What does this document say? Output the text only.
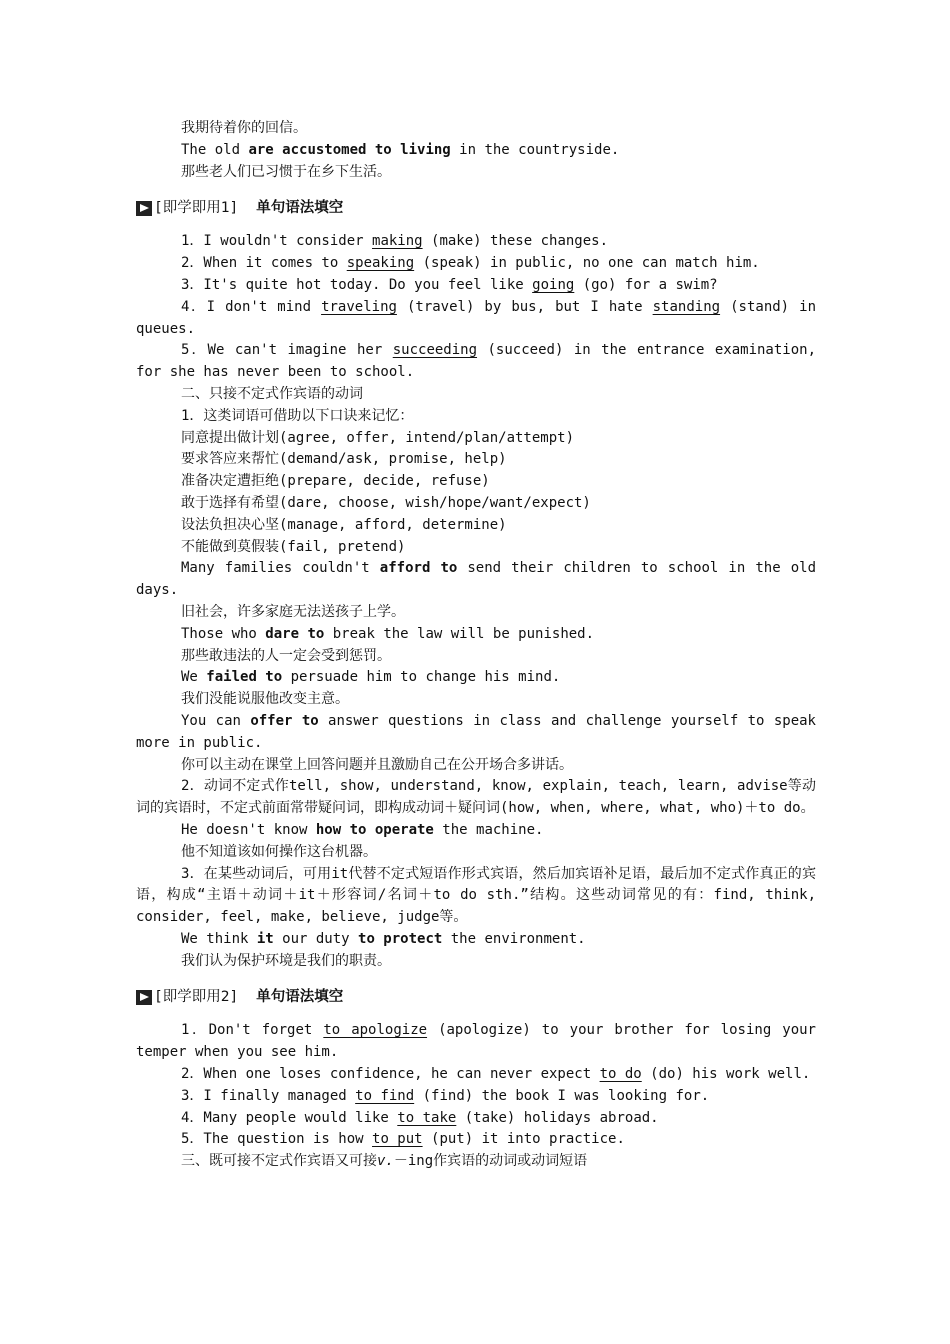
我期待着你的回信。

The old are accustomed to living in the countryside.

那些老人们已习惯于在乡下生活。

[即学即用1] 单句语法填空

1．I wouldn't consider making (make) these changes.

2．When it comes to speaking (speak) in public, no one can match him.

3．It's quite hot today. Do you feel like going (go) for a swim?

4．I don't mind traveling (travel) by bus, but I hate standing (stand) in queues.

5．We can't imagine her succeeding (succeed) in the entrance examination, for she has never been to school.

二、只接不定式作宾语的动词

1．这类词语可借助以下口诀来记忆：

同意提出做计划(agree, offer, intend/plan/attempt)

要求答应来帮忙(demand/ask, promise, help)

准备决定遭拒绝(prepare, decide, refuse)

敢于选择有希望(dare, choose, wish/hope/want/expect)

设法负担决心坚(manage, afford, determine)

不能做到莫假装(fail, pretend)

Many families couldn't afford to send their children to school in the old days.

旧社会，许多家庭无法送孩子上学。

Those who dare to break the law will be punished.

那些敢违法的人一定会受到惩罚。

We failed to persuade him to change his mind.

我们没能说服他改变主意。

You can offer to answer questions in class and challenge yourself to speak more in public.

你可以主动在课堂上回答问题并且激励自己在公开场合多讲话。

2．动词不定式作tell, show, understand, know, explain, teach, learn, advise等动词的宾语时，不定式前面常带疑问词，即构成动词＋疑问词(how, when, where, what, who)＋to do。

He doesn't know how to operate the machine.

他不知道该如何操作这台机器。

3．在某些动词后，可用it代替不定式短语作形式宾语，然后加宾语补足语，最后加不定式作真正的宾语，构成“主语＋动词＋it＋形容词/名词＋to do sth.”结构。这些动词常见的有：find, think, consider, feel, make, believe, judge等。

We think it our duty to protect the environment.

我们认为保护环境是我们的职责。

[即学即用2] 单句语法填空

1．Don't forget to apologize (apologize) to your brother for losing your temper when you see him.

2．When one loses confidence, he can never expect to do (do) his work well.

3．I finally managed to find (find) the book I was looking for.

4．Many people would like to take (take) holidays abroad.

5．The question is how to put (put) it into practice.

三、既可接不定式作宾语又可接v.－ing作宾语的动词或动词短语
